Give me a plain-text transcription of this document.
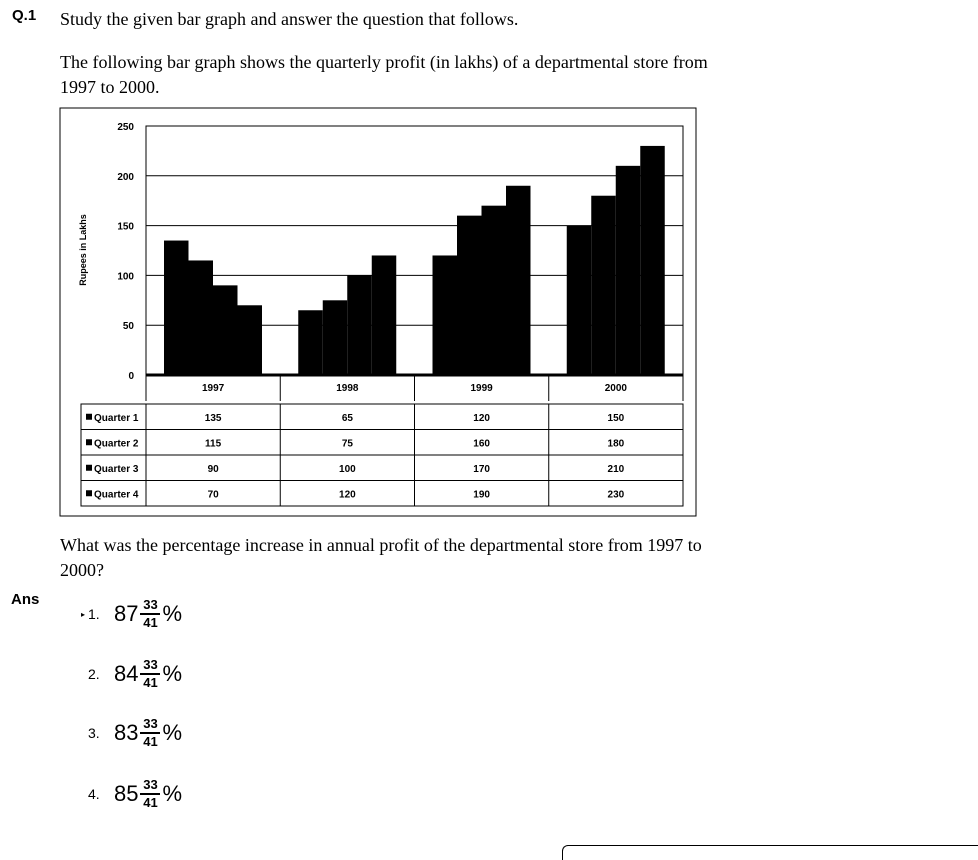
Q.1 Study the given bar graph and answer the question that follows.
The following bar graph shows the quarterly profit (in lakhs) of a departmental store from 1997 to 2000.
0
50
100
150
200
250
Rupees in Lakhs
1997	1998	1999	2000
Quarter 1	135	65	120	150
Quarter 2	115	75	160	180
Quarter 3	90	100	170	210
Quarter 4	70	120	190	230
What was the percentage increase in annual profit of the departmental store from 1997 to 2000?
Ans
▸ 1. $87 \frac{33}{41}$ %
2. $84 \frac{33}{41}$ %
3. $83 \frac{33}{41}$ %
4. $85 \frac{33}{41}$ %
